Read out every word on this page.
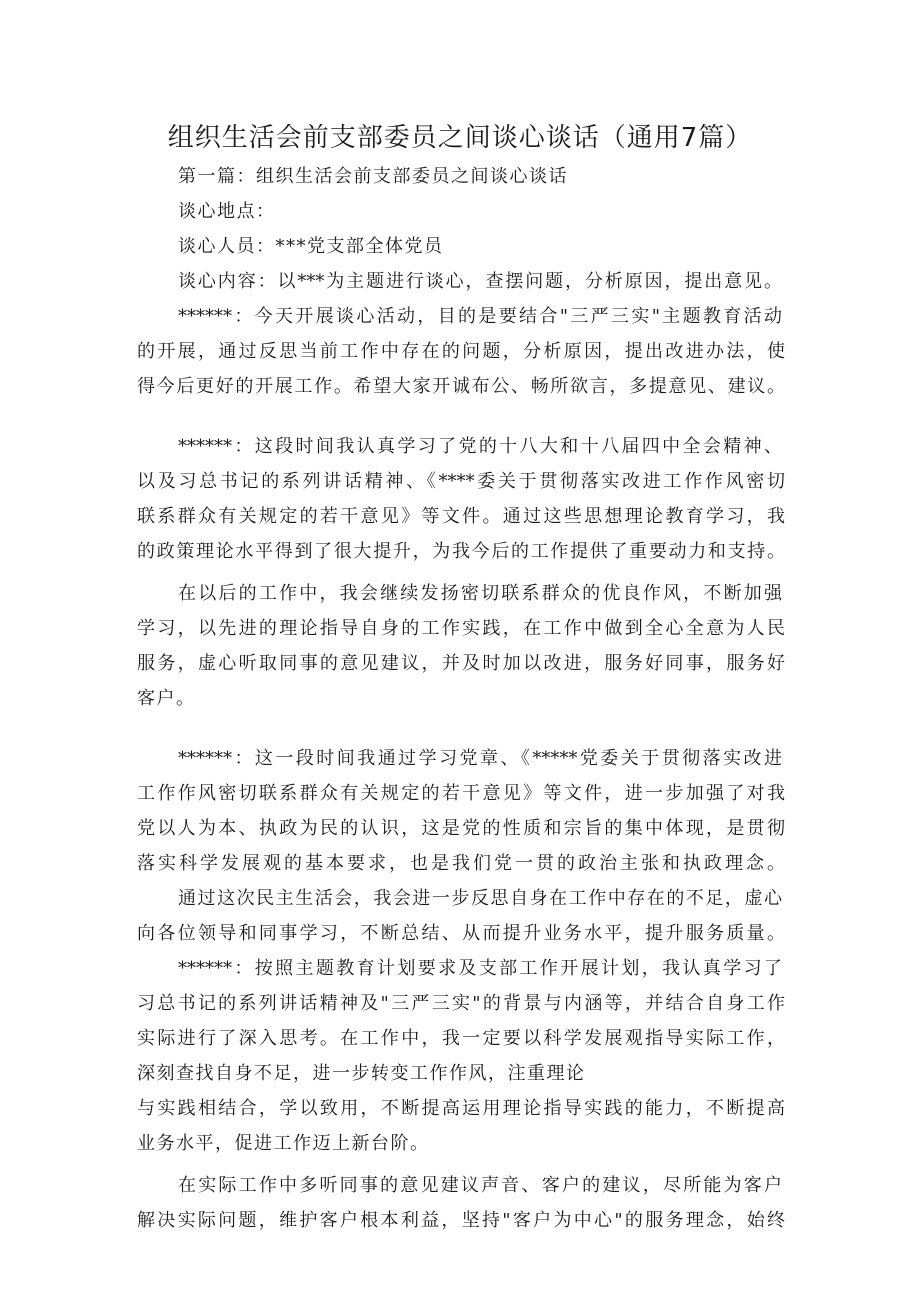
组织生活会前支部委员之间谈心谈话（通用7篇）

第一篇：组织生活会前支部委员之间谈心谈话

谈心地点：

谈心人员：***党支部全体党员

谈心内容：以***为主题进行谈心，查摆问题，分析原因，提出意见。

******：今天开展谈心活动，目的是要结合"三严三实"主题教育活动

的开展，通过反思当前工作中存在的问题，分析原因，提出改进办法，使

得今后更好的开展工作。希望大家开诚布公、畅所欲言，多提意见、建议。

******：这段时间我认真学习了党的十八大和十八届四中全会精神、

以及习总书记的系列讲话精神、《****委关于贯彻落实改进工作作风密切

联系群众有关规定的若干意见》等文件。通过这些思想理论教育学习，我

的政策理论水平得到了很大提升，为我今后的工作提供了重要动力和支持。

在以后的工作中，我会继续发扬密切联系群众的优良作风，不断加强

学习，以先进的理论指导自身的工作实践，在工作中做到全心全意为人民

服务，虚心听取同事的意见建议，并及时加以改进，服务好同事，服务好

客户。

******：这一段时间我通过学习党章、《*****党委关于贯彻落实改进

工作作风密切联系群众有关规定的若干意见》等文件，进一步加强了对我

党以人为本、执政为民的认识，这是党的性质和宗旨的集中体现，是贯彻

落实科学发展观的基本要求，也是我们党一贯的政治主张和执政理念。

通过这次民主生活会，我会进一步反思自身在工作中存在的不足，虚心

向各位领导和同事学习，不断总结、从而提升业务水平，提升服务质量。

******：按照主题教育计划要求及支部工作开展计划，我认真学习了

习总书记的系列讲话精神及"三严三实"的背景与内涵等，并结合自身工作

实际进行了深入思考。在工作中，我一定要以科学发展观指导实际工作，

深刻查找自身不足，进一步转变工作作风，注重理论

与实践相结合，学以致用，不断提高运用理论指导实践的能力，不断提高

业务水平，促进工作迈上新台阶。

在实际工作中多听同事的意见建议声音、客户的建议，尽所能为客户

解决实际问题，维护客户根本利益，坚持"客户为中心"的服务理念，始终
